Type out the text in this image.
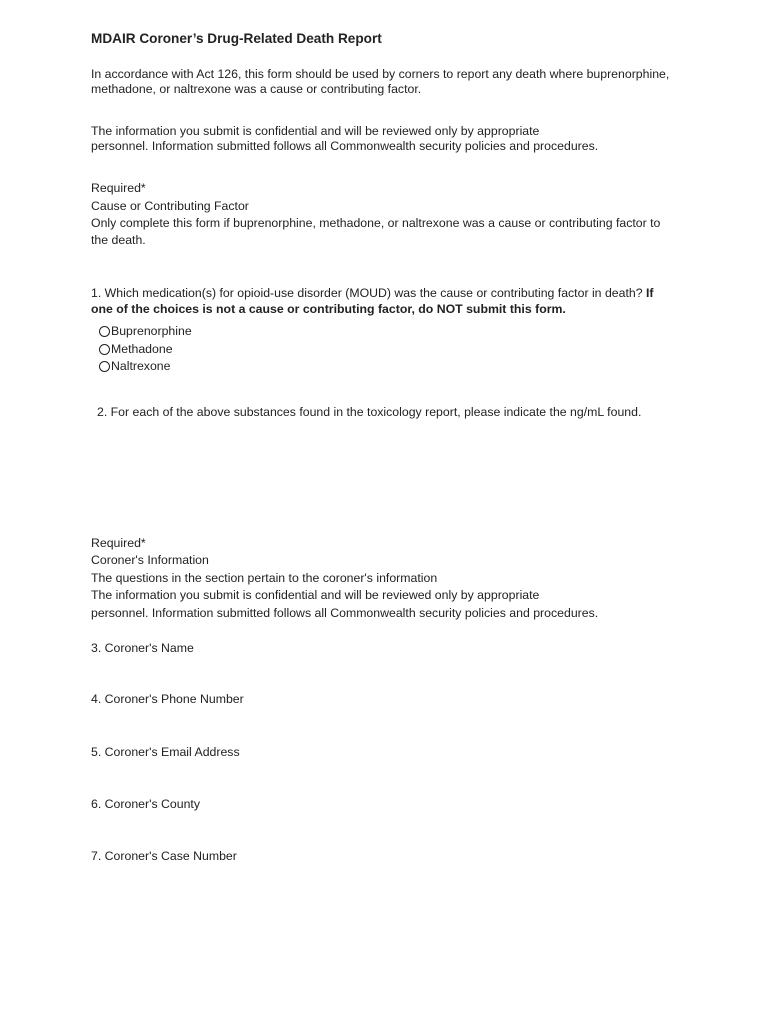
MDAIR Coroner’s Drug-Related Death Report
In accordance with Act 126, this form should be used by corners to report any death where buprenorphine,
methadone, or naltrexone was a cause or contributing factor.
The information you submit is confidential and will be reviewed only by appropriate
personnel. Information submitted follows all Commonwealth security policies and procedures.
Required*
Cause or Contributing Factor
Only complete this form if buprenorphine, methadone, or naltrexone was a cause or contributing factor to
the death.
1. Which medication(s) for opioid-use disorder (MOUD) was the cause or contributing factor in death? If
one of the choices is not a cause or contributing factor, do NOT submit this form.
Buprenorphine
Methadone
Naltrexone
2. For each of the above substances found in the toxicology report, please indicate the ng/mL found.
Required*
Coroner's Information
The questions in the section pertain to the coroner's information
The information you submit is confidential and will be reviewed only by appropriate
personnel. Information submitted follows all Commonwealth security policies and procedures.
3. Coroner's Name
4. Coroner's Phone Number
5. Coroner's Email Address
6. Coroner's County
7. Coroner's Case Number
